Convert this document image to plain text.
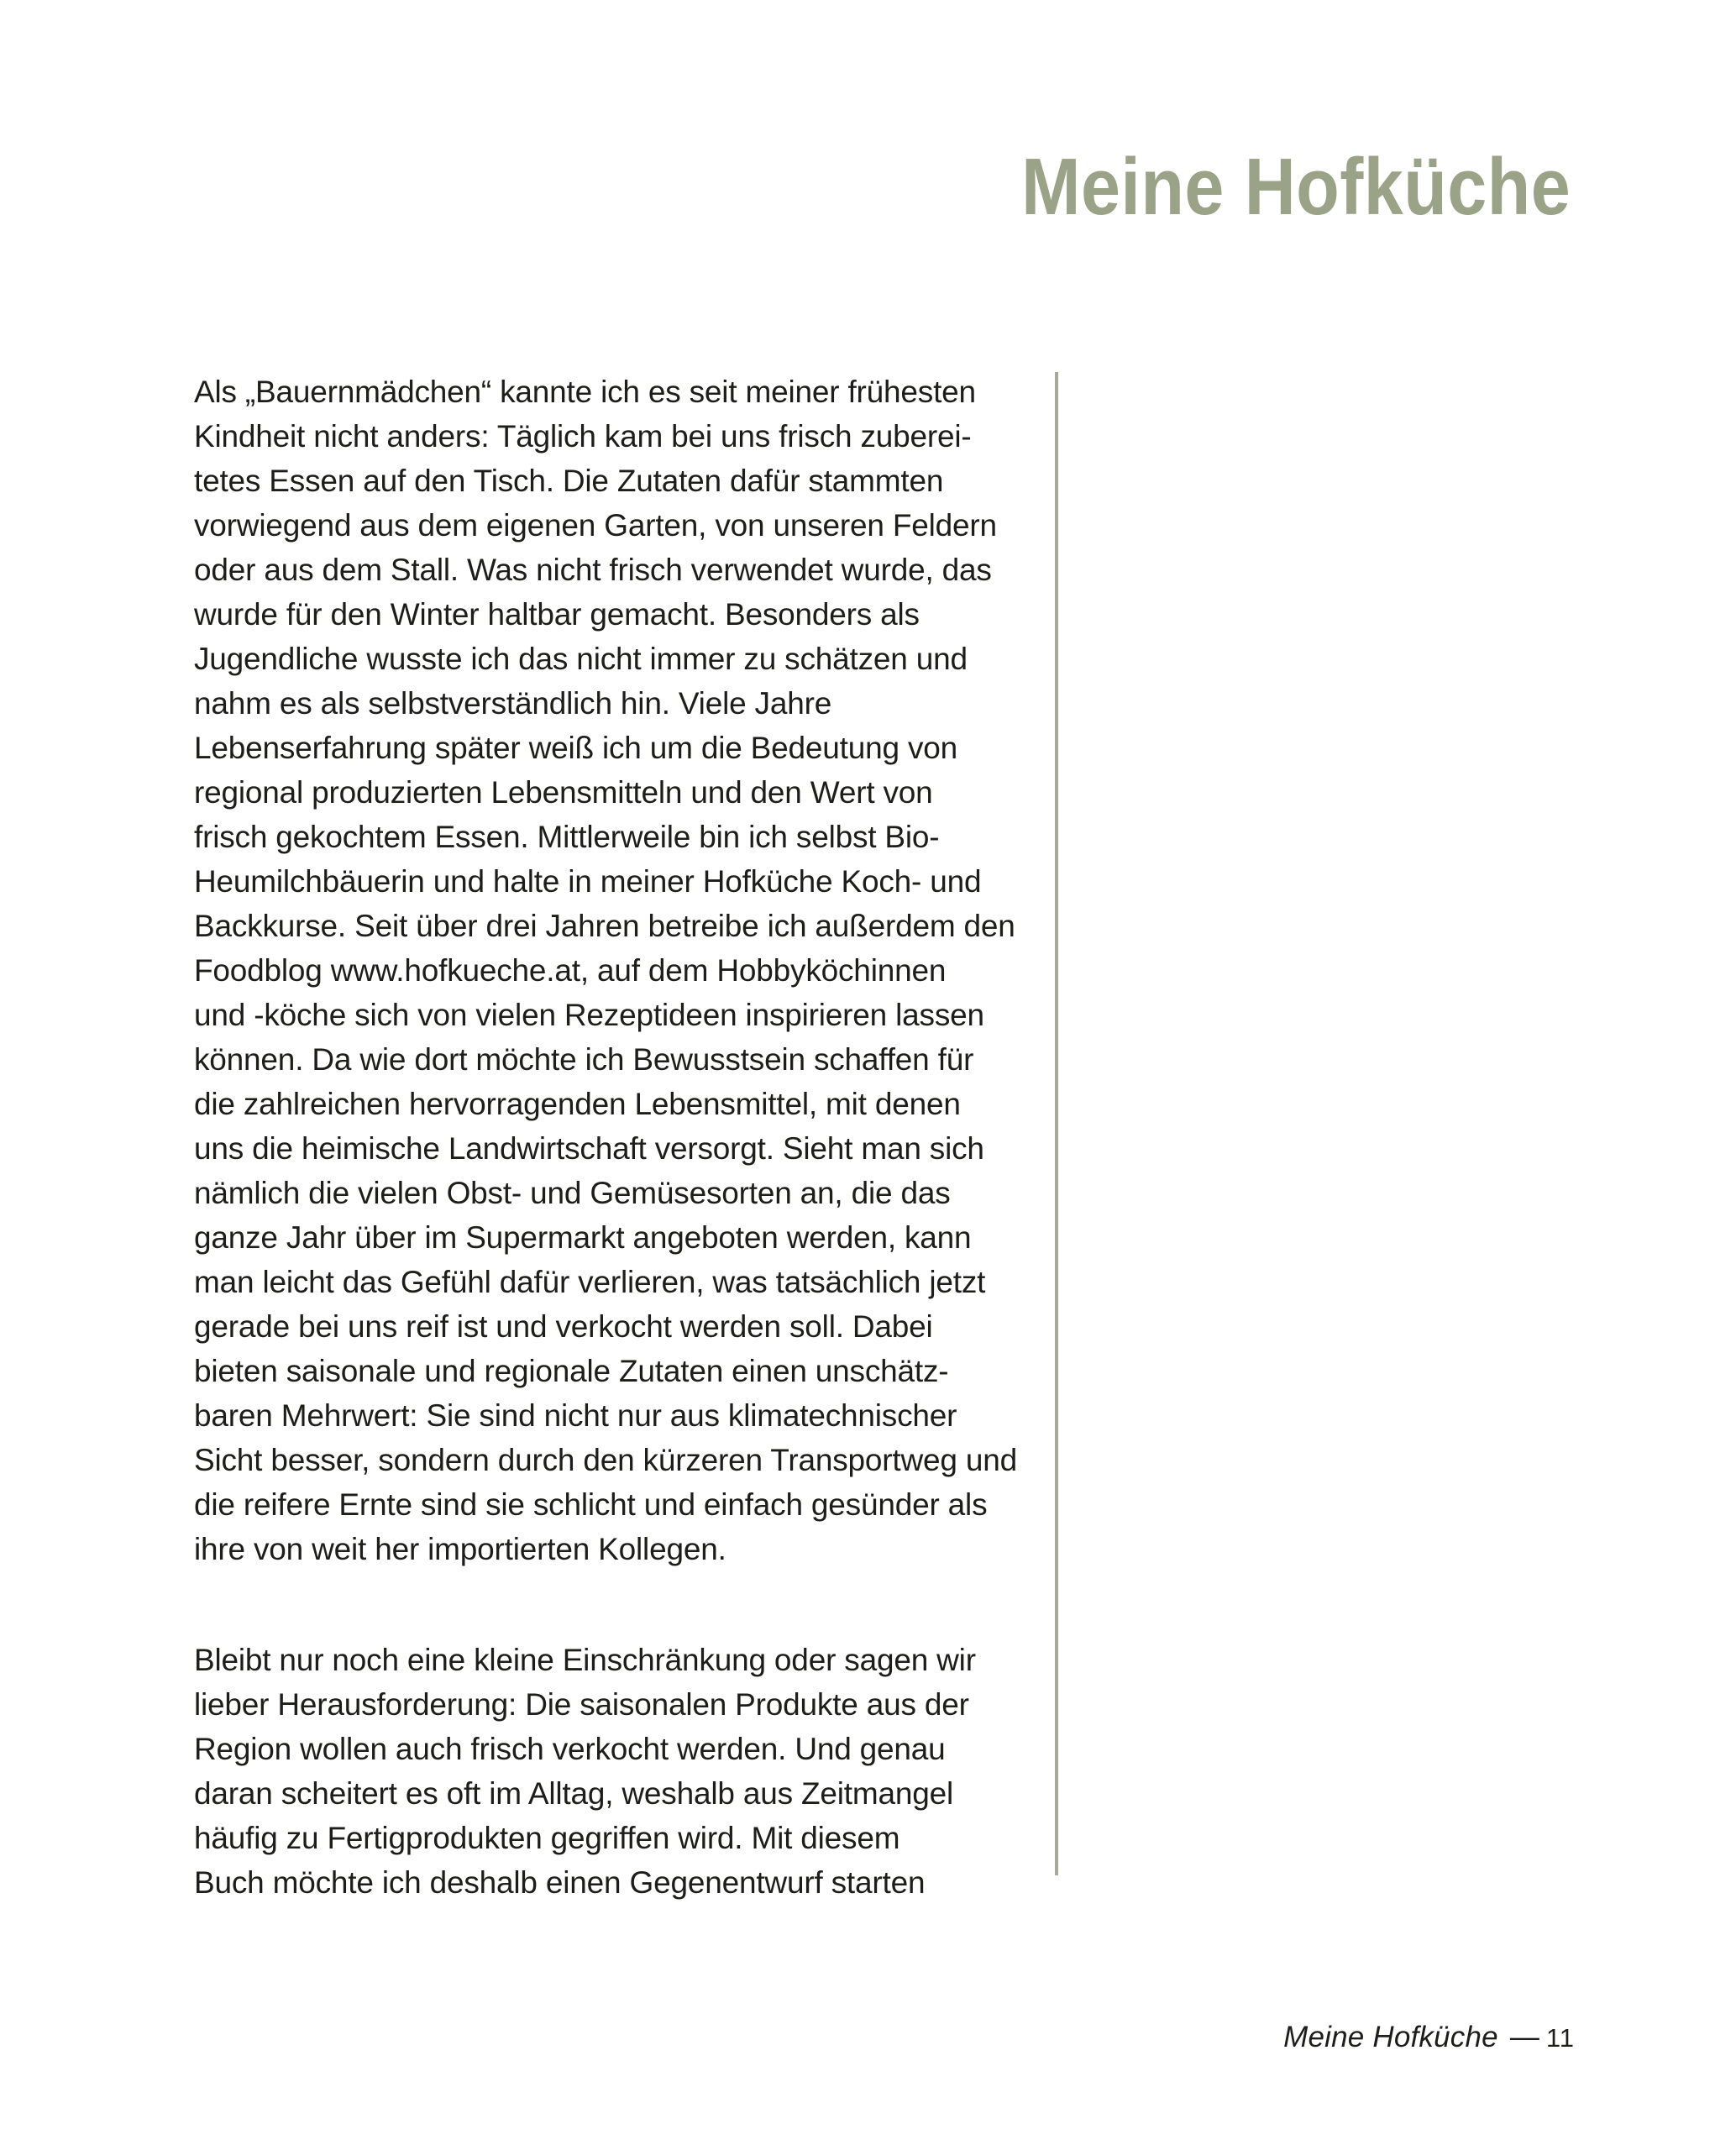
Meine Hofküche
Als „Bauernmädchen“ kannte ich es seit meiner frühesten
Kindheit nicht anders: Täglich kam bei uns frisch zuberei-
tetes Essen auf den Tisch. Die Zutaten dafür stammten
vorwiegend aus dem eigenen Garten, von unseren Feldern
oder aus dem Stall. Was nicht frisch verwendet wurde, das
wurde für den Winter haltbar gemacht. Besonders als
Jugendliche wusste ich das nicht immer zu schätzen und
nahm es als selbstverständlich hin. Viele Jahre
Lebenserfahrung später weiß ich um die Bedeutung von
regional produzierten Lebensmitteln und den Wert von
frisch gekochtem Essen. Mittlerweile bin ich selbst Bio-
Heumilchbäuerin und halte in meiner Hofküche Koch- und
Backkurse. Seit über drei Jahren betreibe ich außerdem den
Foodblog www.hofkueche.at, auf dem Hobbyköchinnen
und -köche sich von vielen Rezeptideen inspirieren lassen
können. Da wie dort möchte ich Bewusstsein schaffen für
die zahlreichen hervorragenden Lebensmittel, mit denen
uns die heimische Landwirtschaft versorgt. Sieht man sich
nämlich die vielen Obst- und Gemüsesorten an, die das
ganze Jahr über im Supermarkt angeboten werden, kann
man leicht das Gefühl dafür verlieren, was tatsächlich jetzt
gerade bei uns reif ist und verkocht werden soll. Dabei
bieten saisonale und regionale Zutaten einen unschätz-
baren Mehrwert: Sie sind nicht nur aus klimatechnischer
Sicht besser, sondern durch den kürzeren Transportweg und
die reifere Ernte sind sie schlicht und einfach gesünder als
ihre von weit her importierten Kollegen.
Bleibt nur noch eine kleine Einschränkung oder sagen wir
lieber Herausforderung: Die saisonalen Produkte aus der
Region wollen auch frisch verkocht werden. Und genau
daran scheitert es oft im Alltag, weshalb aus Zeitmangel
häufig zu Fertigprodukten gegriffen wird. Mit diesem
Buch möchte ich deshalb einen Gegenentwurf starten
Meine Hofküche — 11
